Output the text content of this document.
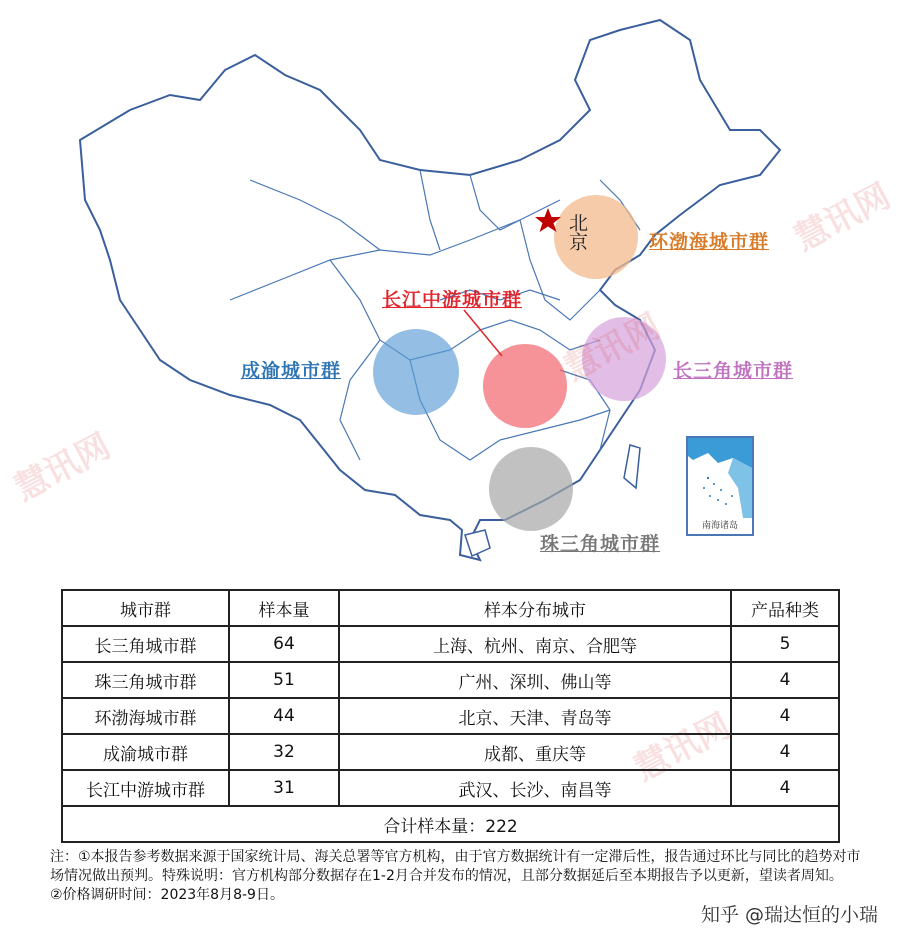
北京	环渤海城市群
长江中游城市群
成渝城市群	长三角城市群
珠三角城市群
南海诸岛
慧讯网
慧讯网
慧讯网
城市群	样本量	样本分布城市	产品种类
长三角城市群	64	上海、杭州、南京、合肥等	5
珠三角城市群	51	广州、深圳、佛山等	4
环渤海城市群	44	北京、天津、青岛等	4
成渝城市群	32	成都、重庆等	4
长江中游城市群	31	武汉、长沙、南昌等	4
合计样本量：222			
注：①本报告参考数据来源于国家统计局、海关总署等官方机构，由于官方数据统计有一定滞后性，报告通过环比与同比的趋势对市场情况做出预判。特殊说明：官方机构部分数据存在1-2月合并发布的情况，且部分数据延后至本期报告予以更新，望读者周知。
②价格调研时间：2023年8月8-9日。
知乎 @瑞达恒的小瑞
